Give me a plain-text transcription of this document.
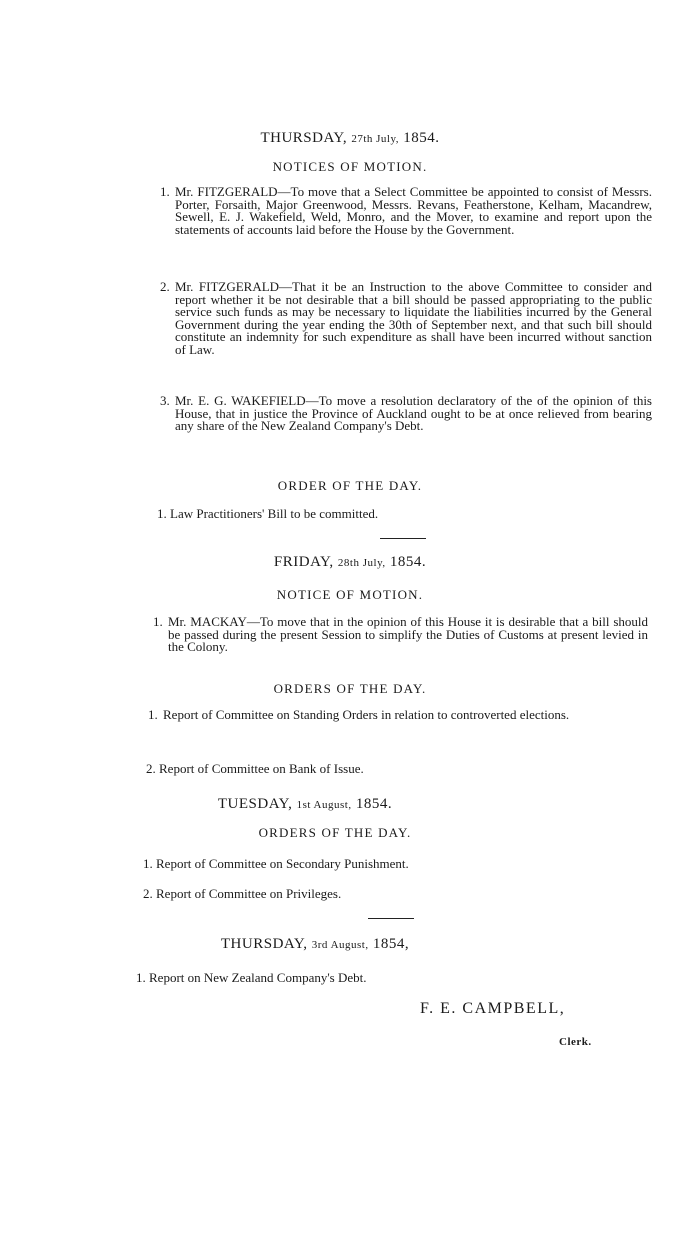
THURSDAY, 27th July, 1854.
NOTICES OF MOTION.
1. Mr. FITZGERALD—To move that a Select Committee be appointed to consist of Messrs. Porter, Forsaith, Major Greenwood, Messrs. Revans, Featherstone, Kelham, Macandrew, Sewell, E. J. Wakefield, Weld, Monro, and the Mover, to examine and report upon the statements of accounts laid before the House by the Government.
2. Mr. FITZGERALD—That it be an Instruction to the above Committee to consider and report whether it be not desirable that a bill should be passed appropriating to the public service such funds as may be necessary to liquidate the liabilities incurred by the General Government during the year ending the 30th of September next, and that such bill should constitute an indemnity for such expenditure as shall have been incurred without sanction of Law.
3. Mr. E. G. WAKEFIELD—To move a resolution declaratory of the of the opinion of this House, that in justice the Province of Auckland ought to be at once relieved from bearing any share of the New Zealand Company's Debt.
ORDER OF THE DAY.
1. Law Practitioners' Bill to be committed.
FRIDAY, 28th July, 1854.
NOTICE OF MOTION.
1. Mr. MACKAY—To move that in the opinion of this House it is desirable that a bill should be passed during the present Session to simplify the Duties of Customs at present levied in the Colony.
ORDERS OF THE DAY.
1. Report of Committee on Standing Orders in relation to controverted elections.
2. Report of Committee on Bank of Issue.
TUESDAY, 1st August, 1854.
ORDERS OF THE DAY.
1. Report of Committee on Secondary Punishment.
2. Report of Committee on Privileges.
THURSDAY, 3rd August, 1854,
1. Report on New Zealand Company's Debt.
F. E. CAMPBELL,
Clerk.
